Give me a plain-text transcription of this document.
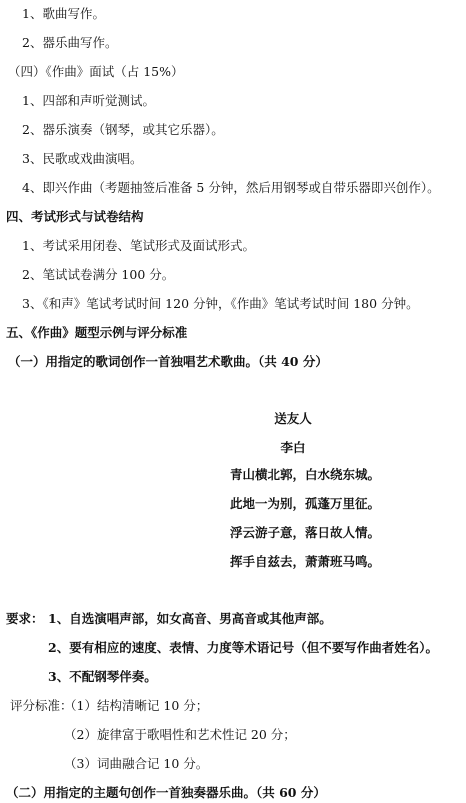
1、歌曲写作。
2、器乐曲写作。
（四）《作曲》面试（占 15%）
1、四部和声听觉测试。
2、器乐演奏（钢琴，或其它乐器）。
3、民歌或戏曲演唱。
4、即兴作曲（考题抽签后准备 5 分钟，然后用钢琴或自带乐器即兴创作）。
四、考试形式与试卷结构
1、考试采用闭卷、笔试形式及面试形式。
2、笔试试卷满分 100 分。
3、《和声》笔试考试时间 120 分钟，《作曲》笔试考试时间 180 分钟。
五、《作曲》题型示例与评分标准
（一）用指定的歌词创作一首独唱艺术歌曲。（共 40 分）
送友人
李白
青山横北郭，白水绕东城。
此地一为别，孤蓬万里征。
浮云游子意，落日故人情。
挥手自兹去，萧萧班马鸣。
要求： 1、自选演唱声部，如女高音、男高音或其他声部。
2、要有相应的速度、表情、力度等术语记号（但不要写作曲者姓名）。
3、不配钢琴伴奏。
评分标准：
（1）结构清晰记 10 分；
（2）旋律富于歌唱性和艺术性记 20 分；
（3）词曲融合记 10 分。
（二）用指定的主题句创作一首独奏器乐曲。（共 60 分）
